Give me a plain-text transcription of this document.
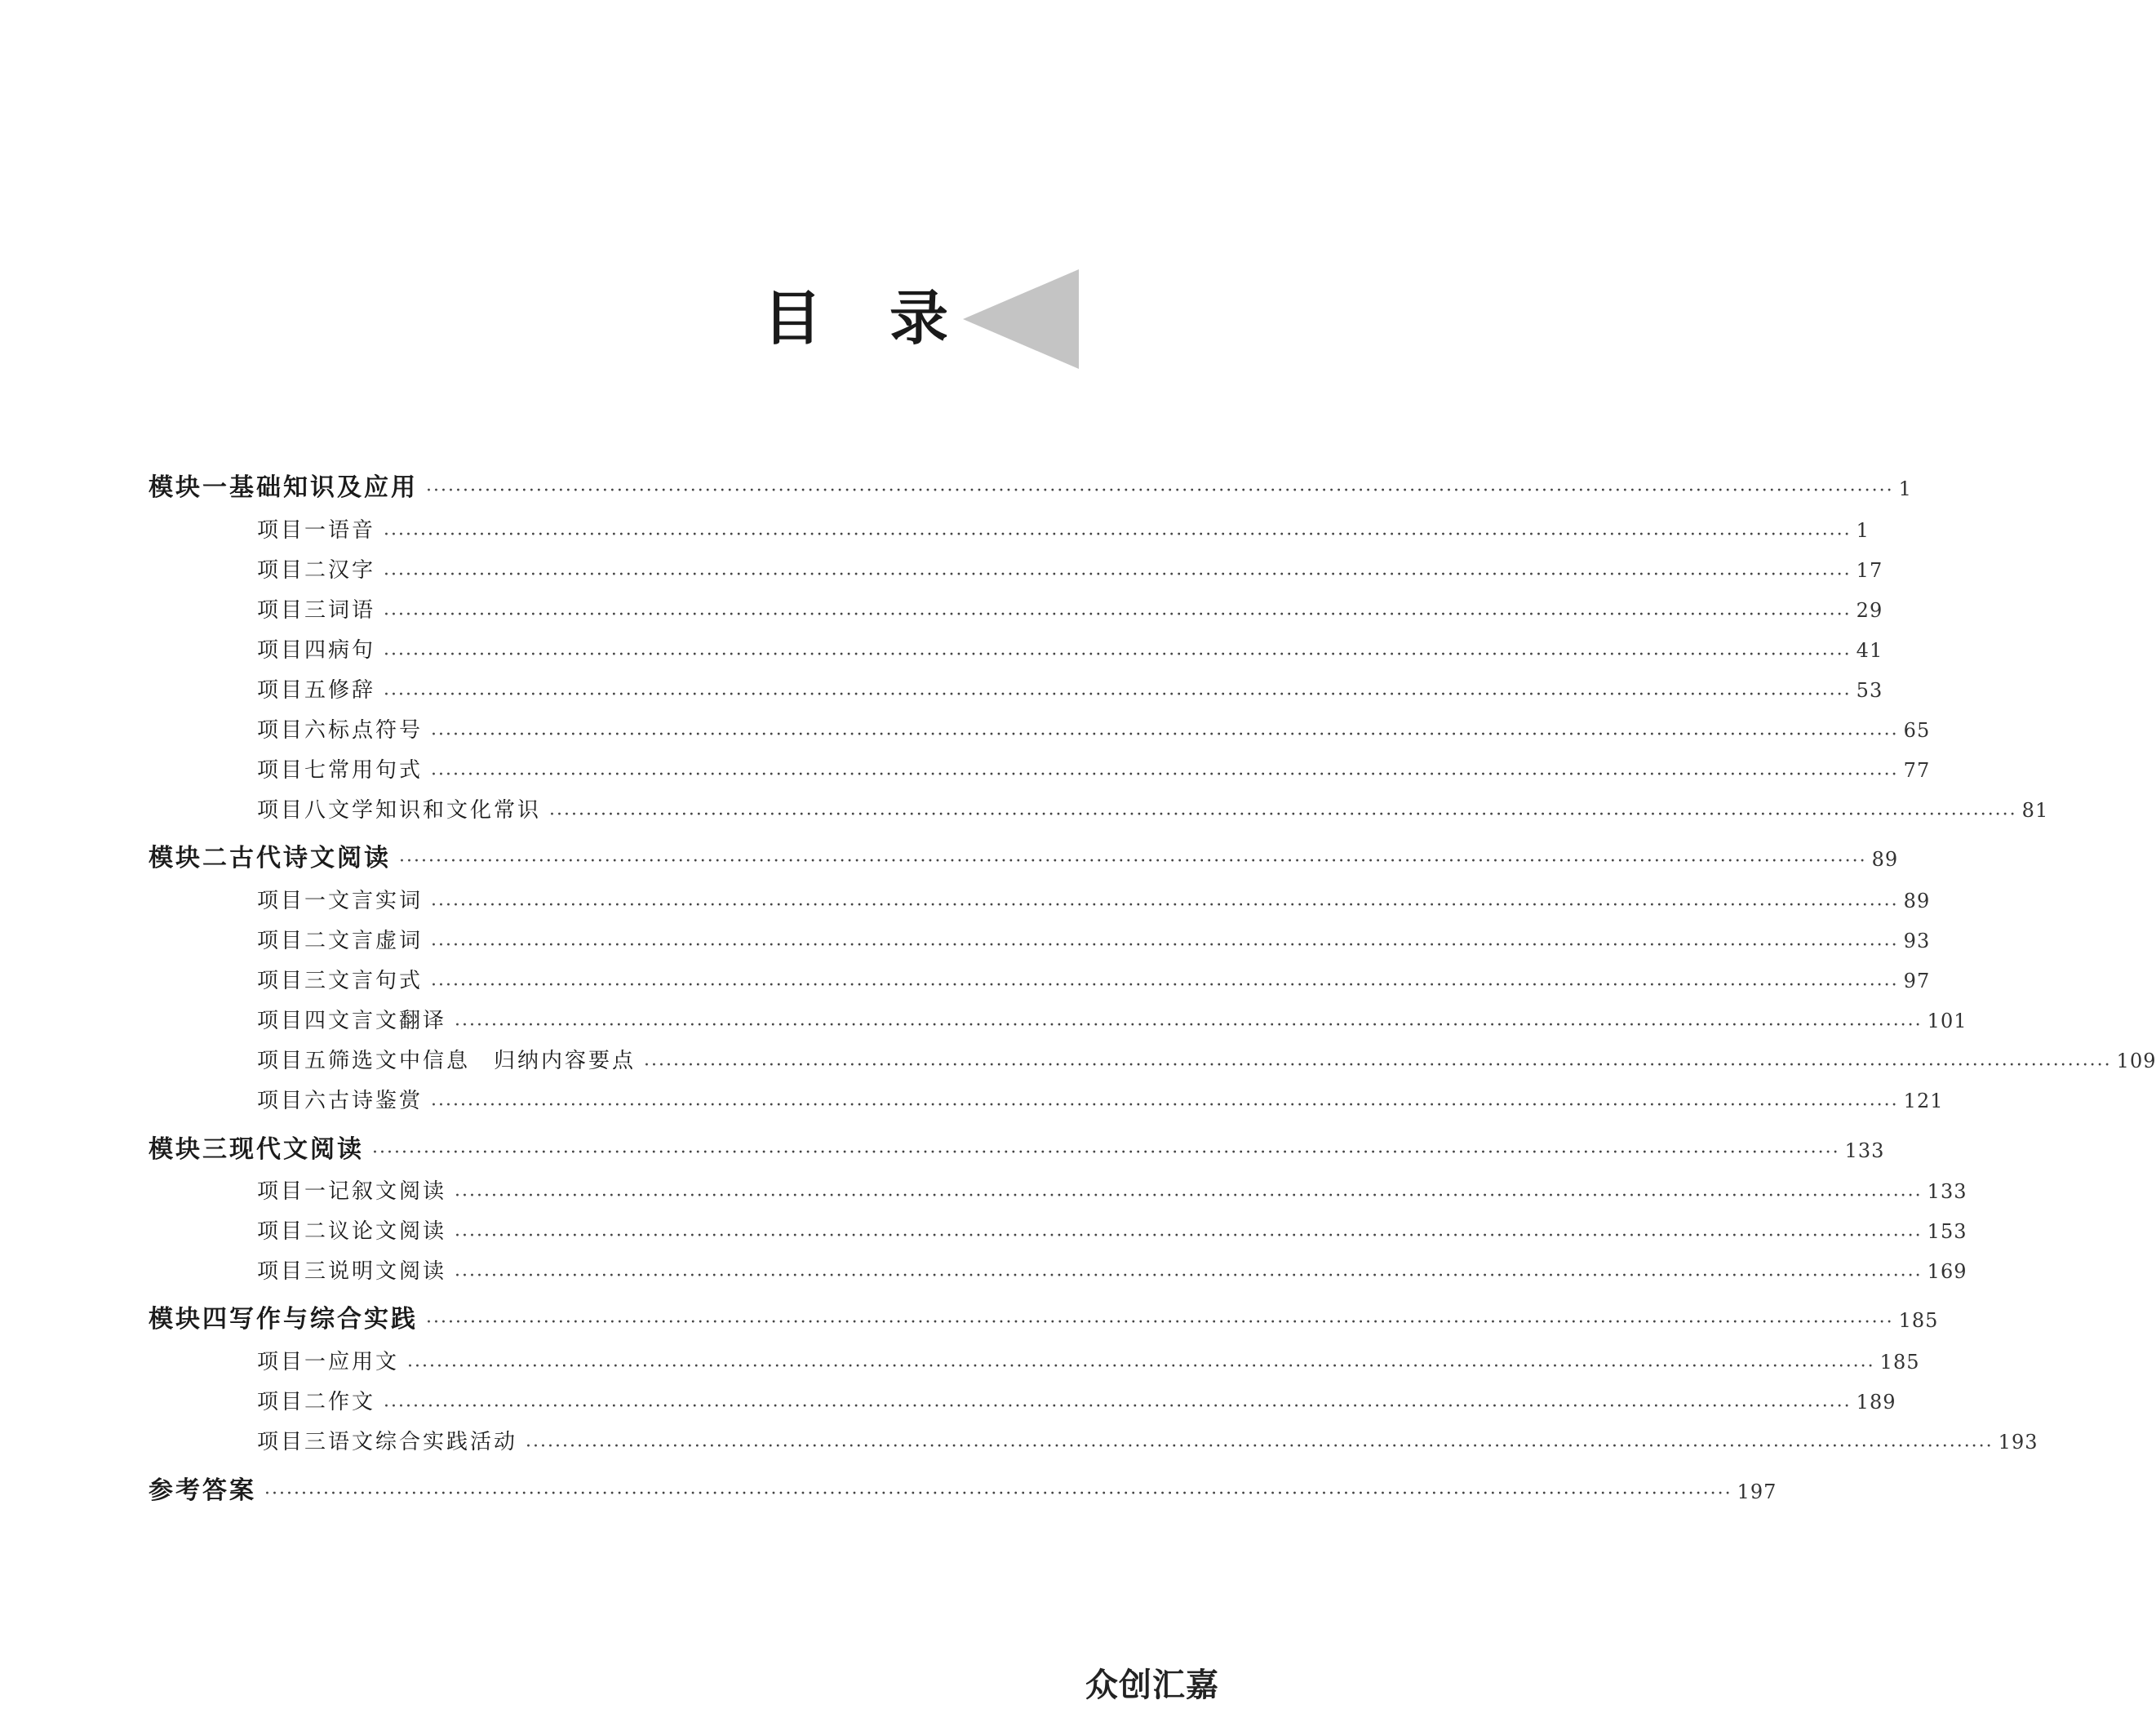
目 录
模块一 基础知识及应用 ········································································································································································································ 1
项目一 语音 ········································································································································································································ 1
项目二 汉字 ········································································································································································································ 17
项目三 词语 ········································································································································································································ 29
项目四 病句 ········································································································································································································ 41
项目五 修辞 ········································································································································································································ 53
项目六 标点符号 ········································································································································································································ 65
项目七 常用句式 ········································································································································································································ 77
项目八 文学知识和文化常识 ········································································································································································································ 81
模块二 古代诗文阅读 ········································································································································································································ 89
项目一 文言实词 ········································································································································································································ 89
项目二 文言虚词 ········································································································································································································ 93
项目三 文言句式 ········································································································································································································ 97
项目四 文言文翻译 ········································································································································································································ 101
项目五 筛选文中信息　归纳内容要点 ········································································································································································································ 109
项目六 古诗鉴赏 ········································································································································································································ 121
模块三 现代文阅读 ········································································································································································································ 133
项目一 记叙文阅读 ········································································································································································································ 133
项目二 议论文阅读 ········································································································································································································ 153
项目三 说明文阅读 ········································································································································································································ 169
模块四 写作与综合实践 ········································································································································································································ 185
项目一 应用文 ········································································································································································································ 185
项目二 作文 ········································································································································································································ 189
项目三 语文综合实践活动 ········································································································································································································ 193
参考答案 ········································································································································································································ 197
众创汇嘉
